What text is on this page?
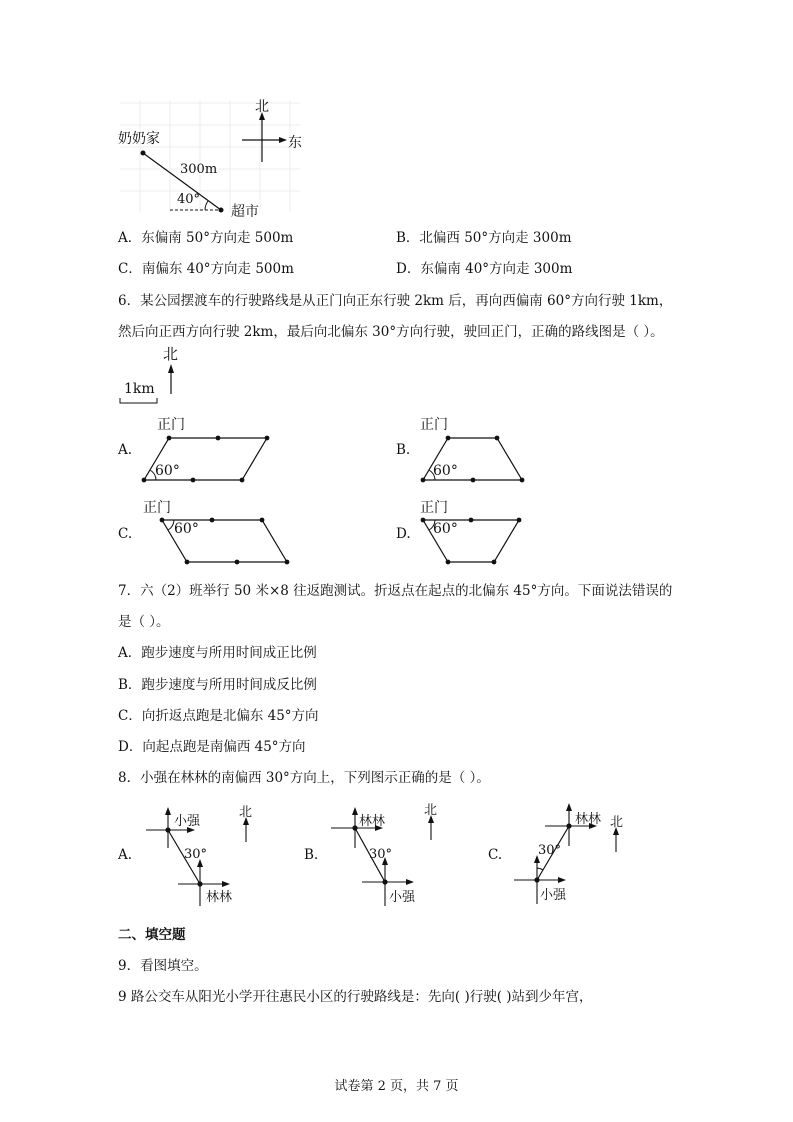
奶奶家
300m
40°
超市
北
东
A．东偏南 50°方向走 500m	B．北偏西 50°方向走 300m
C．南偏东 40°方向走 500m	D．东偏南 40°方向走 300m
6．某公园摆渡车的行驶路线是从正门向正东行驶 2km 后，再向西偏南 60°方向行驶 1km，
然后向正西方向行驶 2km，最后向北偏东 30°方向行驶，驶回正门，正确的路线图是（ ）。
北
1km
A.
正门
60°
B.
正门
60°
C.
正门
60°	D.
正门
60°
7．六（2）班举行 50 米×8 往返跑测试。折返点在起点的北偏东 45°方向。下面说法错误的
是（ ）。
A．跑步速度与所用时间成正比例
B．跑步速度与所用时间成反比例
C．向折返点跑是北偏东 45°方向
D．向起点跑是南偏西 45°方向
8．小强在林林的南偏西 30°方向上，下列图示正确的是（ ）。
A.
小强
30°
林林
北
B.
林林
30°
小强
北
C.
林林
30°
小强
北
二、填空题
9．看图填空。
9 路公交车从阳光小学开往惠民小区的行驶路线是：先向( )行驶( )站到少年宫，
试卷第 2 页，共 7 页
